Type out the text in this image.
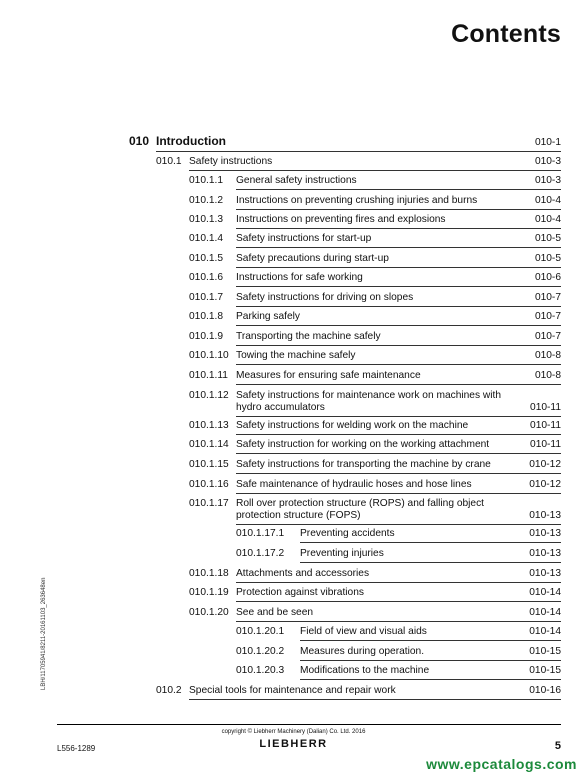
Contents
010 Introduction	010-1
010.1 Safety instructions	010-3
010.1.1 General safety instructions	010-3
010.1.2 Instructions on preventing crushing injuries and burns	010-4
010.1.3 Instructions on preventing fires and explosions	010-4
010.1.4 Safety instructions for start-up	010-5
010.1.5 Safety precautions during start-up	010-5
010.1.6 Instructions for safe working	010-6
010.1.7 Safety instructions for driving on slopes	010-7
010.1.8 Parking safely	010-7
010.1.9 Transporting the machine safely	010-7
010.1.10 Towing the machine safely	010-8
010.1.11 Measures for ensuring safe maintenance	010-8
010.1.12 Safety instructions for maintenance work on machines with hydro accumulators	010-11
010.1.13 Safety instructions for welding work on the machine	010-11
010.1.14 Safety instruction for working on the working attachment	010-11
010.1.15 Safety instructions for transporting the machine by crane	010-12
010.1.16 Safe maintenance of hydraulic hoses and hose lines	010-12
010.1.17 Roll over protection structure (ROPS) and falling object protection structure (FOPS)	010-13
010.1.17.1 Preventing accidents	010-13
010.1.17.2 Preventing injuries	010-13
010.1.18 Attachments and accessories	010-13
010.1.19 Protection against vibrations	010-14
010.1.20 See and be seen	010-14
010.1.20.1 Field of view and visual aids	010-14
010.1.20.2 Measures during operation.	010-15
010.1.20.3 Modifications to the machine	010-15
010.2 Special tools for maintenance and repair work	010-16
LBH/11705941/8211-20161103_263648en
copyright © Liebherr Machinery (Dalian) Co. Ltd. 2016
L556-1289	LIEBHERR	5
www.epcatalogs.com
